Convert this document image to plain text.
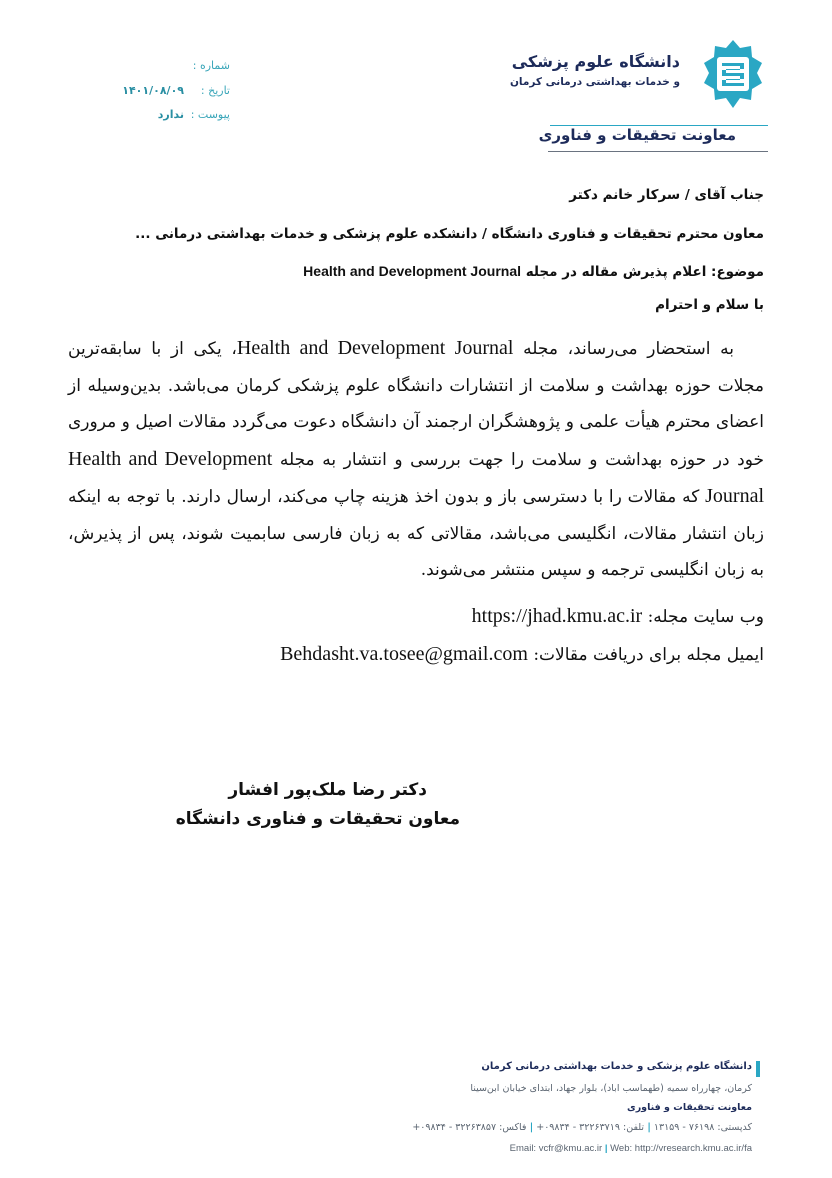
دانشگاه علوم پزشکی
و خدمات بهداشتی درمانی کرمان
معاونت تحقیقات و فناوری
شماره :
تاریخ :
۱۴۰۱/۰۸/۰۹
پیوست :
ندارد
جناب آقای / سرکار خانم دکتر
معاون محترم تحقیقات و فناوری دانشگاه / دانشکده علوم پزشکی و خدمات بهداشتی درمانی ...
موضوع: اعلام پذیرش مقاله در مجله Health and Development Journal
با سلام و احترام

به استحضار می‌رساند، مجله Health and Development Journal، یکی از با سابقه‌ترین مجلات حوزه بهداشت و سلامت از انتشارات دانشگاه علوم پزشکی کرمان می‌باشد. بدین‌وسیله از اعضای محترم هیأت علمی و پژوهشگران ارجمند آن دانشگاه دعوت می‌گردد مقالات اصیل و مروری خود در حوزه بهداشت و سلامت را جهت بررسی و انتشار به مجله Health and Development Journal که مقالات را با دسترسی باز و بدون اخذ هزینه چاپ می‌کند، ارسال دارند. با توجه به اینکه زبان انتشار مقالات، انگلیسی می‌باشد، مقالاتی که به زبان فارسی سابمیت شوند، پس از پذیرش، به زبان انگلیسی ترجمه و سپس منتشر می‌شوند.

وب سایت مجله: https://jhad.kmu.ac.ir
ایمیل مجله برای دریافت مقالات: Behdasht.va.tosee@gmail.com
دکتر رضا ملک‌پور افشار
معاون تحقیقات و فناوری دانشگاه
دانشگاه علوم پزشکی و خدمات بهداشتی درمانی کرمان
کرمان، چهارراه سمیه (طهماسب اباد)، بلوار جهاد، ابتدای خیابان ابن‌سینا
معاونت تحقیقات و فناوری
کدپستی: ۷۶۱۹۸ - ۱۳۱۵۹ | تلفن: ۳۲۲۶۳۷۱۹ - ۰۹۸۳۴+ | فاکس: ۳۲۲۶۳۸۵۷ - ۰۹۸۳۴+
Email: vcfr@kmu.ac.ir | Web: http://vresearch.kmu.ac.ir/fa
